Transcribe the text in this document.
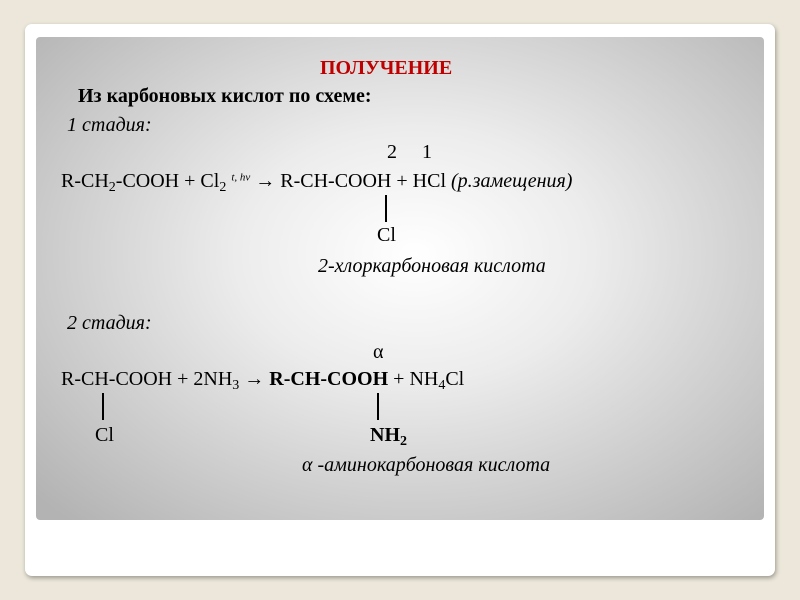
ПОЛУЧЕНИЕ
Из карбоновых кислот по схеме:
1 стадия:
2     1
$R-CH_2$-COOH + $Cl_2$ $^{t, h\nu}$ → R-CH-COOH + HCl (р.замещения)
Cl
2-хлоркарбоновая кислота
2 стадия:
α
R-CH-COOH + $2NH_3$ → R-CH-COOH + $NH_4Cl$
Cl	$NH_2$
α -аминокарбоновая кислота
